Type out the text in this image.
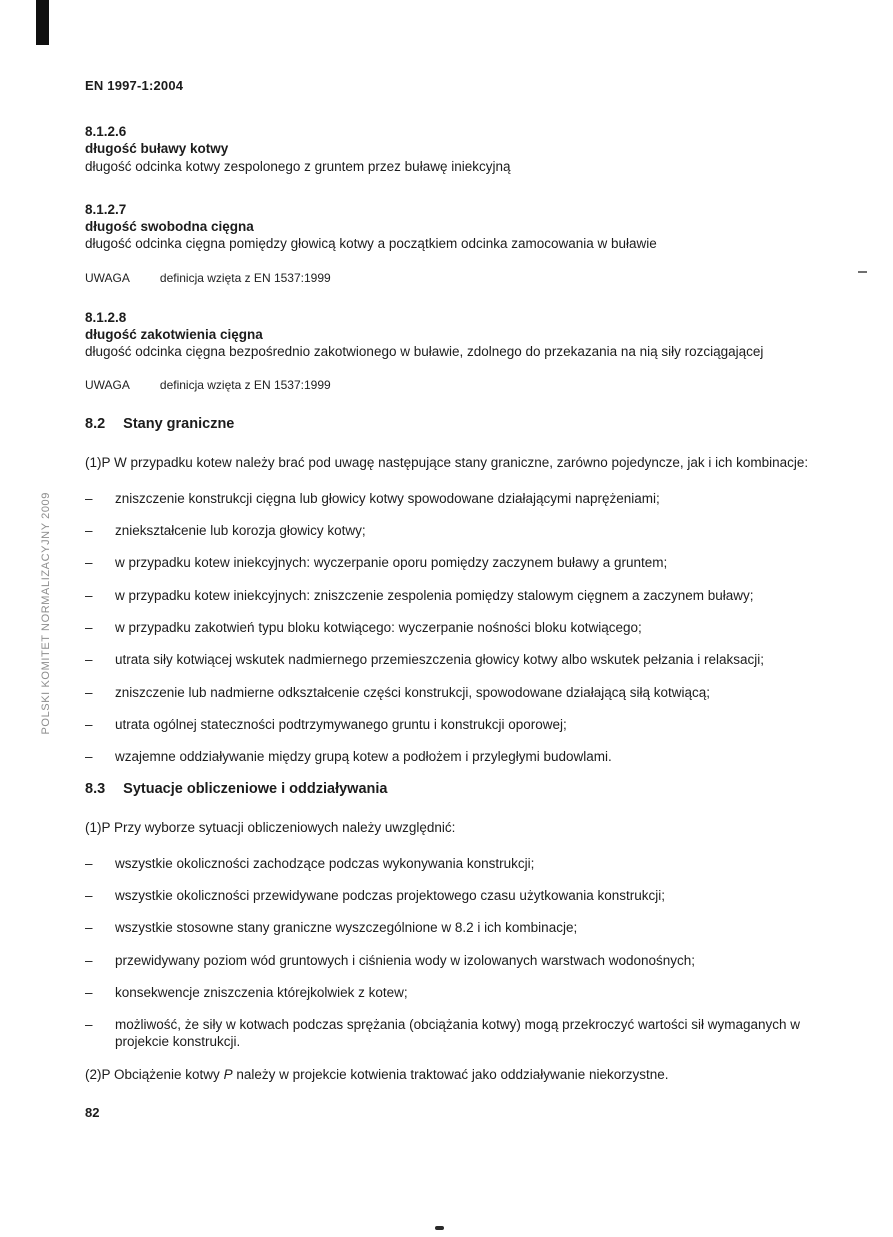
POLSKI KOMITET NORMALIZACYJNY 2009
EN 1997-1:2004
8.1.2.6
długość buławy kotwy
długość odcinka kotwy zespolonego z gruntem przez buławę iniekcyjną
8.1.2.7
długość swobodna cięgna
długość odcinka cięgna pomiędzy głowicą kotwy a początkiem odcinka zamocowania w buławie
UWAGA	definicja wzięta z EN 1537:1999
8.1.2.8
długość zakotwienia cięgna
długość odcinka cięgna bezpośrednio zakotwionego w buławie, zdolnego do przekazania na nią siły rozciągającej
UWAGA	definicja wzięta z EN 1537:1999
8.2 Stany graniczne

(1)P W przypadku kotew należy brać pod uwagę następujące stany graniczne, zarówno pojedyncze, jak i ich kombinacje:

–
zniszczenie konstrukcji cięgna lub głowicy kotwy spowodowane działającymi naprężeniami;
–
zniekształcenie lub korozja głowicy kotwy;
–
w przypadku kotew iniekcyjnych: wyczerpanie oporu pomiędzy zaczynem buławy a gruntem;
–
w przypadku kotew iniekcyjnych: zniszczenie zespolenia pomiędzy stalowym cięgnem a zaczynem buławy;
–
w przypadku zakotwień typu bloku kotwiącego: wyczerpanie nośności bloku kotwiącego;
–
utrata siły kotwiącej wskutek nadmiernego przemieszczenia głowicy kotwy albo wskutek pełzania i relaksacji;
–
zniszczenie lub nadmierne odkształcenie części konstrukcji, spowodowane działającą siłą kotwiącą;
–
utrata ogólnej stateczności podtrzymywanego gruntu i konstrukcji oporowej;
–
wzajemne oddziaływanie między grupą kotew a podłożem i przyległymi budowlami.
8.3 Sytuacje obliczeniowe i oddziaływania

(1)P Przy wyborze sytuacji obliczeniowych należy uwzględnić:

–
wszystkie okoliczności zachodzące podczas wykonywania konstrukcji;
–
wszystkie okoliczności przewidywane podczas projektowego czasu użytkowania konstrukcji;
–
wszystkie stosowne stany graniczne wyszczególnione w 8.2 i ich kombinacje;
–
przewidywany poziom wód gruntowych i ciśnienia wody w izolowanych warstwach wodonośnych;
–
konsekwencje zniszczenia którejkolwiek z kotew;
–
możliwość, że siły w kotwach podczas sprężania (obciążania kotwy) mogą przekroczyć wartości sił wymaganych w projekcie konstrukcji.

(2)P Obciążenie kotwy P należy w projekcie kotwienia traktować jako oddziaływanie niekorzystne.

82
